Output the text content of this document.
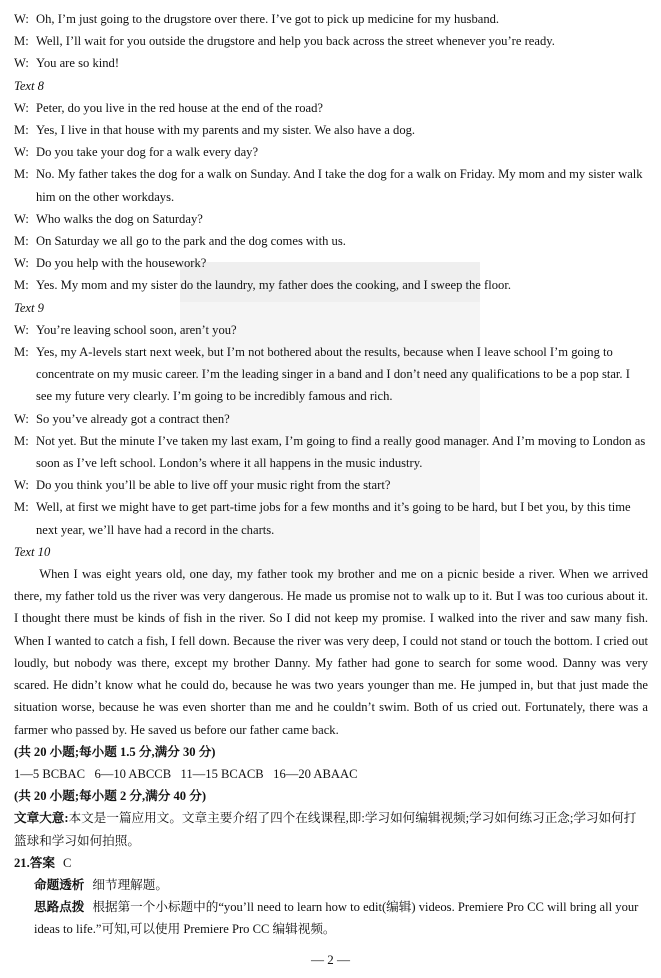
W: Oh, I’m just going to the drugstore over there. I’ve got to pick up medicine for my husband.
M: Well, I’ll wait for you outside the drugstore and help you back across the street whenever you’re ready.
W: You are so kind!
Text 8
W: Peter, do you live in the red house at the end of the road?
M: Yes, I live in that house with my parents and my sister. We also have a dog.
W: Do you take your dog for a walk every day?
M: No. My father takes the dog for a walk on Sunday. And I take the dog for a walk on Friday. My mom and my sister walk him on the other workdays.
W: Who walks the dog on Saturday?
M: On Saturday we all go to the park and the dog comes with us.
W: Do you help with the housework?
M: Yes. My mom and my sister do the laundry, my father does the cooking, and I sweep the floor.
Text 9
W: You’re leaving school soon, aren’t you?
M: Yes, my A-levels start next week, but I’m not bothered about the results, because when I leave school I’m going to concentrate on my music career. I’m the leading singer in a band and I don’t need any qualifications to be a pop star. I see my future very clearly. I’m going to be incredibly famous and rich.
W: So you’ve already got a contract then?
M: Not yet. But the minute I’ve taken my last exam, I’m going to find a really good manager. And I’m moving to London as soon as I’ve left school. London’s where it all happens in the music industry.
W: Do you think you’ll be able to live off your music right from the start?
M: Well, at first we might have to get part-time jobs for a few months and it’s going to be hard, but I bet you, by this time next year, we’ll have had a record in the charts.
Text 10
When I was eight years old, one day, my father took my brother and me on a picnic beside a river. When we arrived there, my father told us the river was very dangerous. He made us promise not to walk up to it. But I was too curious about it. I thought there must be kinds of fish in the river. So I did not keep my promise. I walked into the river and saw many fish. When I wanted to catch a fish, I fell down. Because the river was very deep, I could not stand or touch the bottom. I cried out loudly, but nobody was there, except my brother Danny. My father had gone to search for some wood. Danny was very scared. He didn’t know what he could do, because he was two years younger than me. He jumped in, but that just made the situation worse, because he was even shorter than me and he couldn’t swim. Both of us cried out. Fortunately, there was a farmer who passed by. He saved us before our father came back.
(共 20 小题;每小题 1.5 分,满分 30 分)
1—5 BCBAC   6—10 ABCCB   11—15 BCACB   16—20 ABAAC
(共 20 小题;每小题 2 分,满分 40 分)
文章大意:本文是一篇应用文。文章主要介绍了四个在线课程,即:学习如何编辑视频;学习如何练习正念;学习如何打篮球和学习如何拍照。
21.答案 C
命题透析 细节理解题。
思路点拨 根据第一个小标题中的“you’ll need to learn how to edit(编辑) videos. Premiere Pro CC will bring all your ideas to life.”可知,可以使用 Premiere Pro CC 编辑视频。
— 2 —
